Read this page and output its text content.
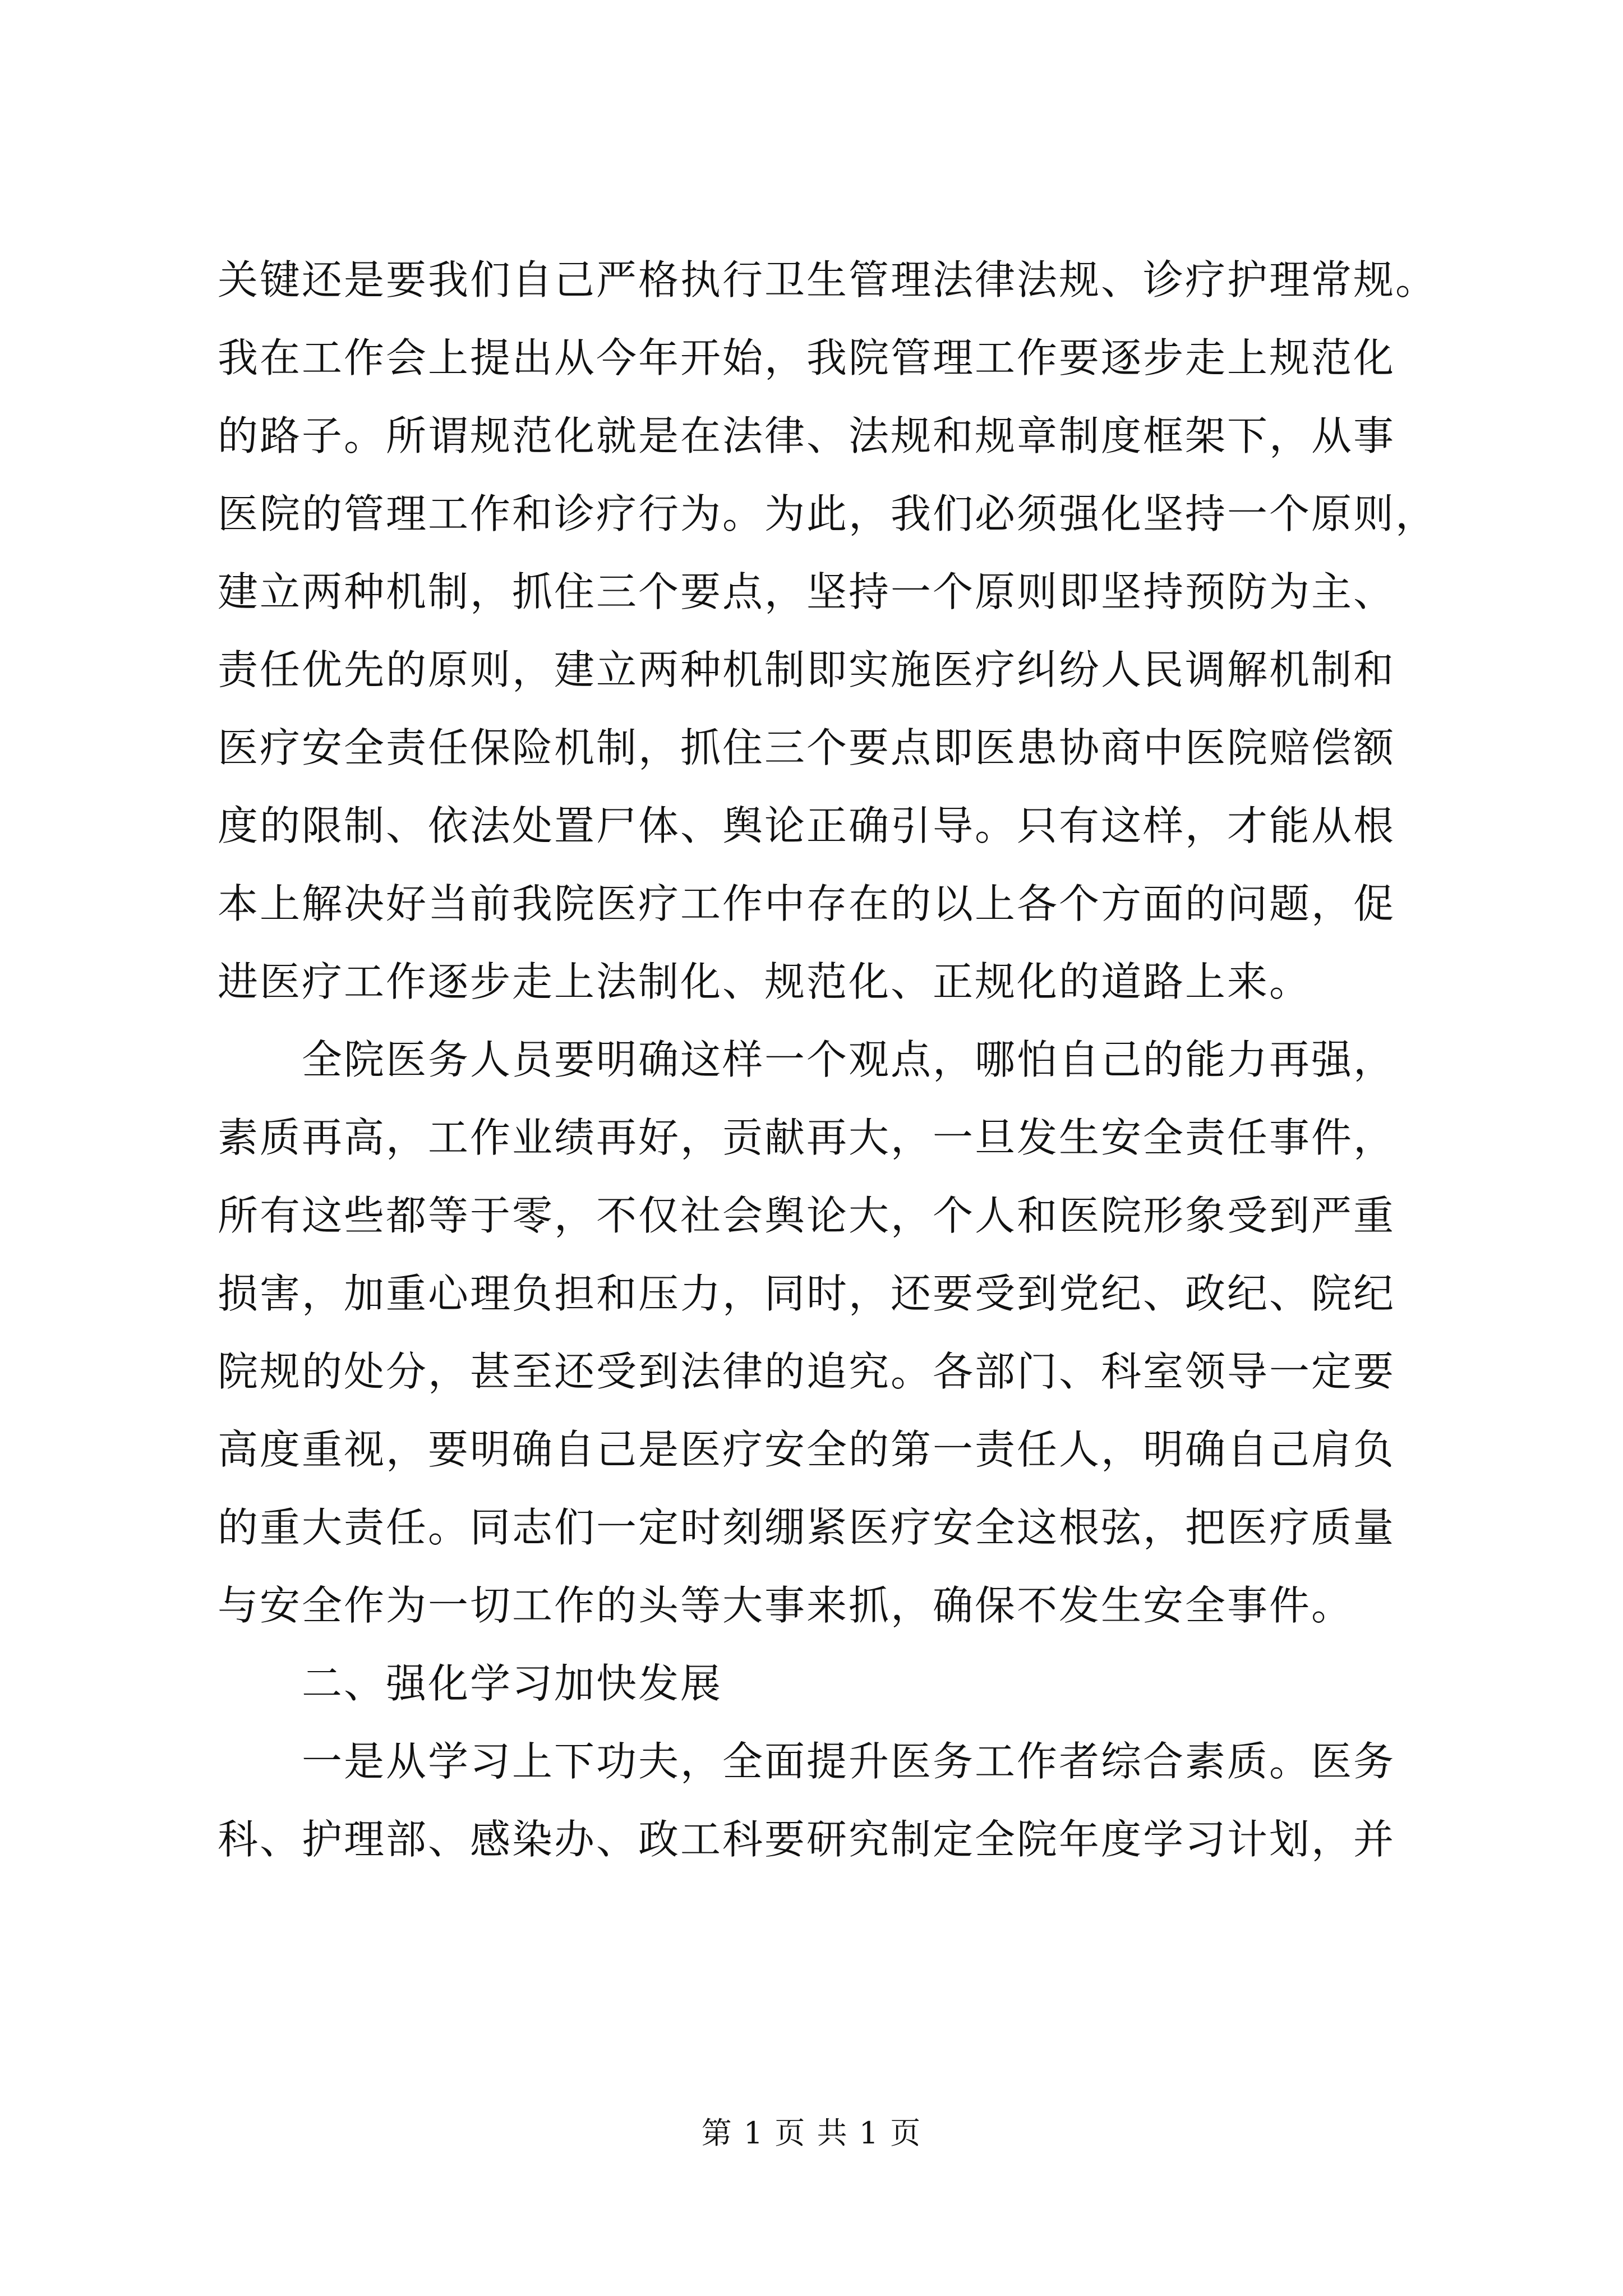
关键还是要我们自己严格执行卫生管理法律法规、诊疗护理常规。
我在工作会上提出从今年开始，我院管理工作要逐步走上规范化
的路子。所谓规范化就是在法律、法规和规章制度框架下，从事
医院的管理工作和诊疗行为。为此，我们必须强化坚持一个原则，
建立两种机制，抓住三个要点，坚持一个原则即坚持预防为主、
责任优先的原则，建立两种机制即实施医疗纠纷人民调解机制和
医疗安全责任保险机制，抓住三个要点即医患协商中医院赔偿额
度的限制、依法处置尸体、舆论正确引导。只有这样，才能从根
本上解决好当前我院医疗工作中存在的以上各个方面的问题，促
进医疗工作逐步走上法制化、规范化、正规化的道路上来。
全院医务人员要明确这样一个观点，哪怕自己的能力再强，
素质再高，工作业绩再好，贡献再大，一旦发生安全责任事件，
所有这些都等于零，不仅社会舆论大，个人和医院形象受到严重
损害，加重心理负担和压力，同时，还要受到党纪、政纪、院纪
院规的处分，甚至还受到法律的追究。各部门、科室领导一定要
高度重视，要明确自己是医疗安全的第一责任人，明确自己肩负
的重大责任。同志们一定时刻绷紧医疗安全这根弦，把医疗质量
与安全作为一切工作的头等大事来抓，确保不发生安全事件。
二、强化学习加快发展
一是从学习上下功夫，全面提升医务工作者综合素质。医务
科、护理部、感染办、政工科要研究制定全院年度学习计划，并
第 1 页 共 1 页
